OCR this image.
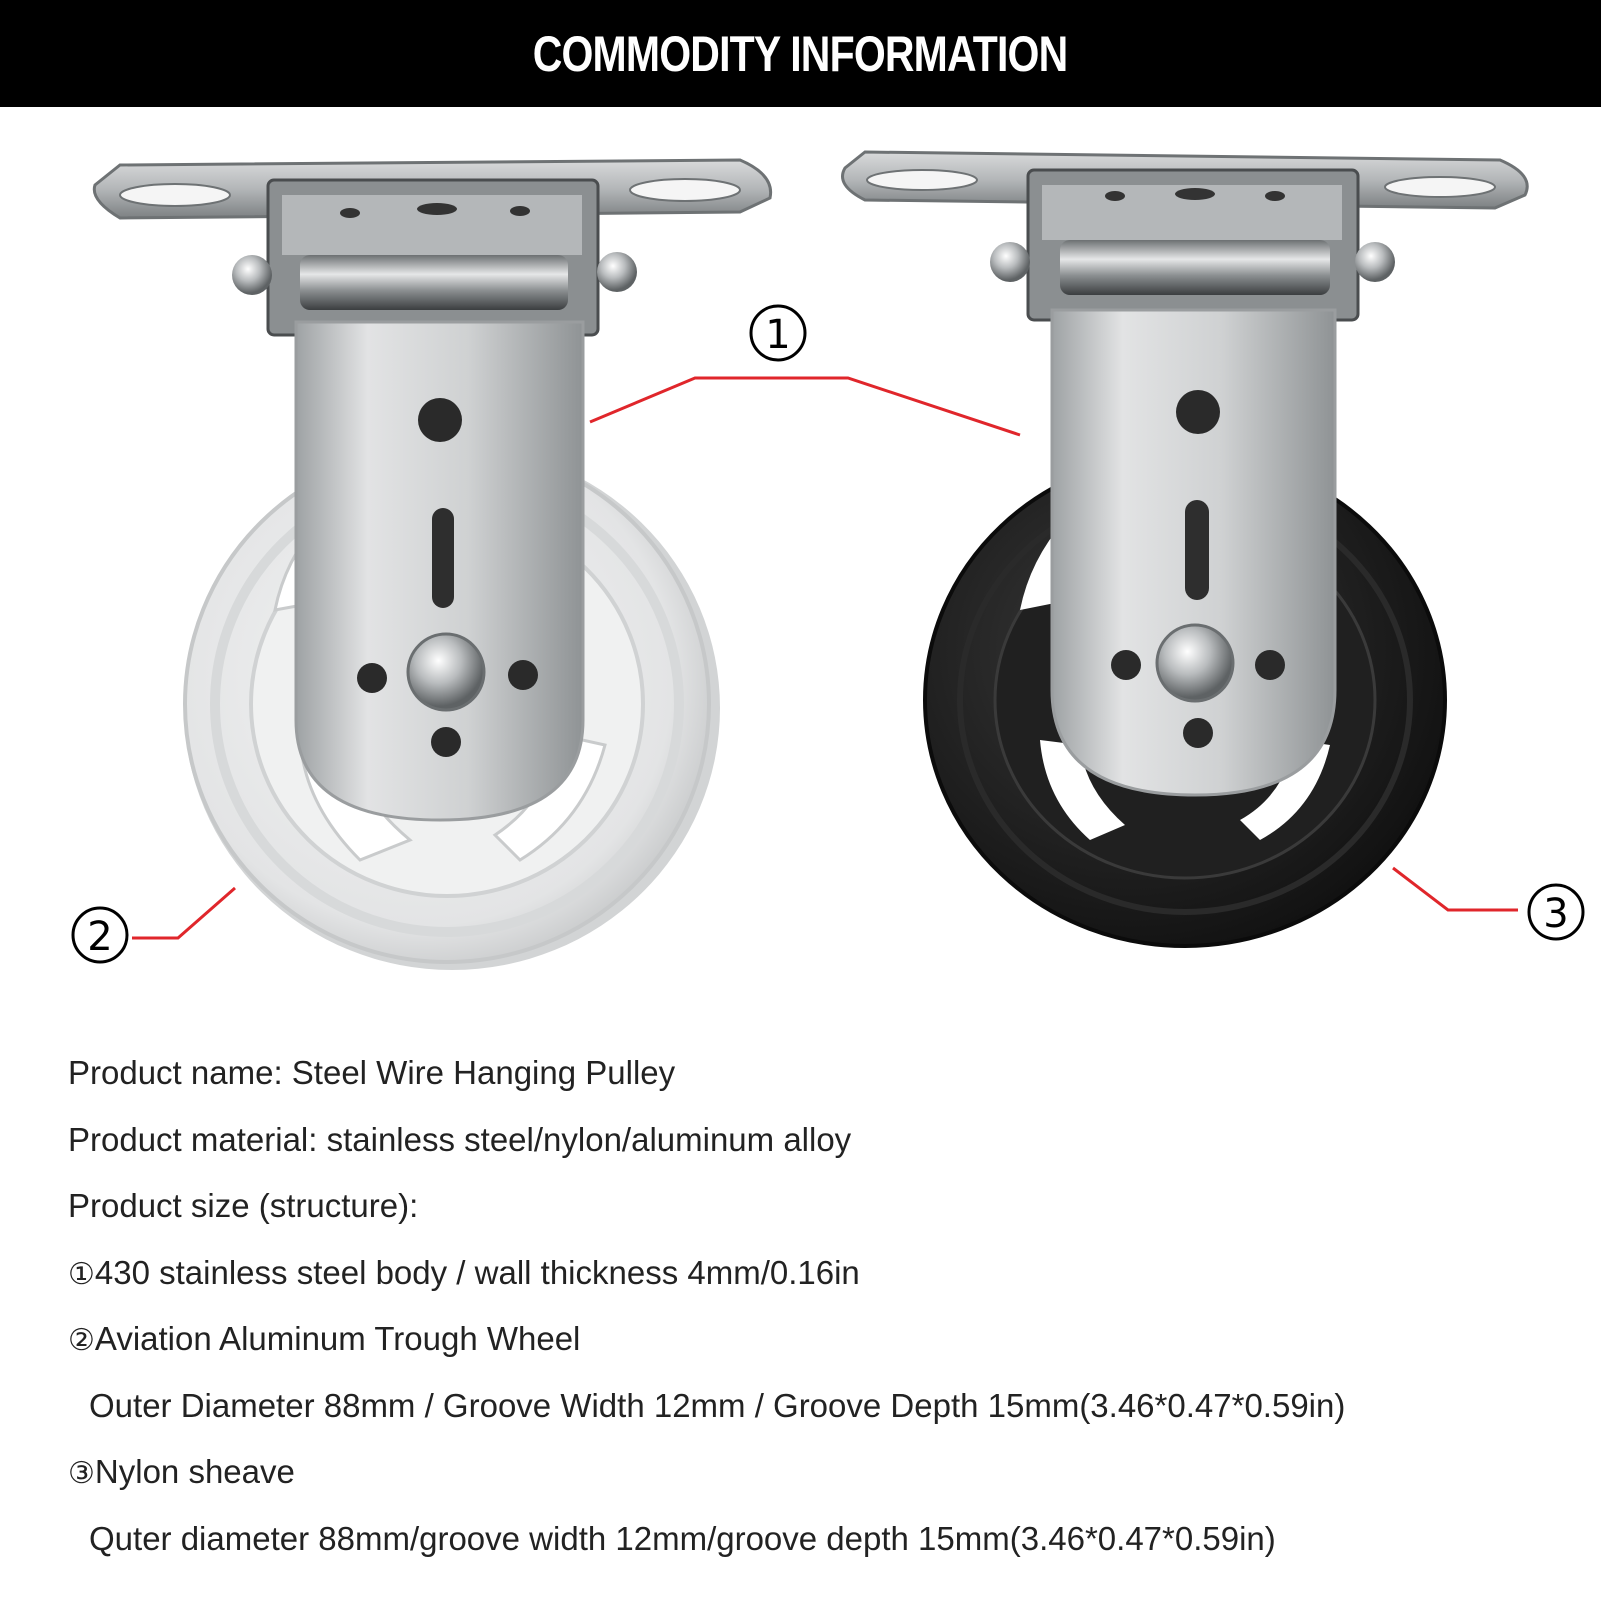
COMMODITY INFORMATION
1
2	3
Product name: Steel Wire Hanging Pulley
Product material: stainless steel/nylon/aluminum alloy
Product size (structure):
①430 stainless steel body / wall thickness 4mm/0.16in
②Aviation Aluminum Trough Wheel
Outer Diameter 88mm / Groove Width 12mm / Groove Depth 15mm(3.46*0.47*0.59in)
③Nylon sheave
Quter diameter 88mm/groove width 12mm/groove depth 15mm(3.46*0.47*0.59in)
